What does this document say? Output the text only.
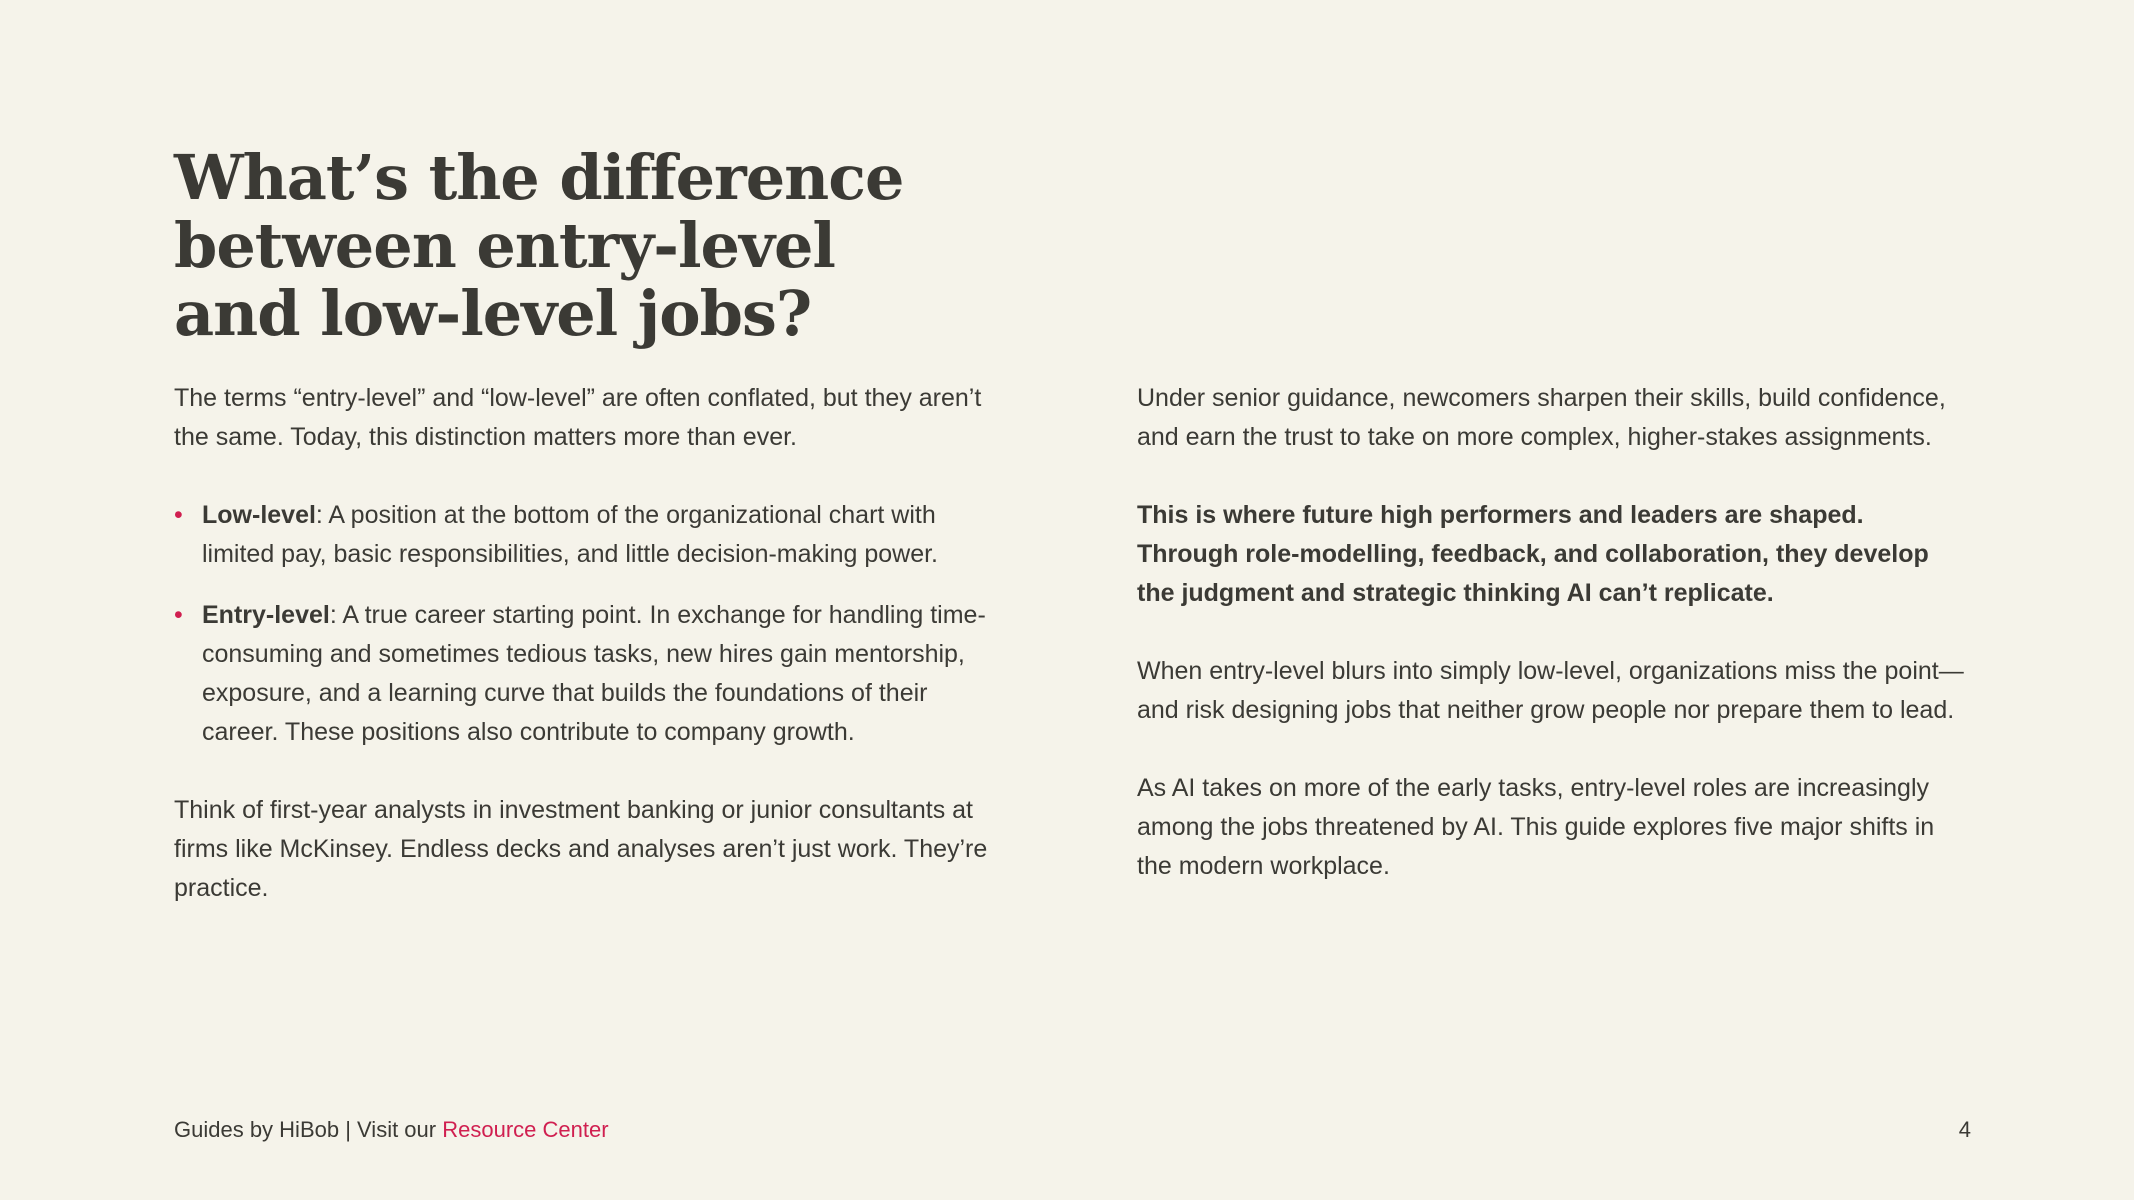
What’s the difference
between entry-level
and low-level jobs?

The terms “entry-level” and “low-level” are often conflated, but they aren’t the same. Today, this distinction matters more than ever.

• Low-level: A position at the bottom of the organizational chart with limited pay, basic responsibilities, and little decision-making power.
• Entry-level: A true career starting point. In exchange for handling time-consuming and sometimes tedious tasks, new hires gain mentorship, exposure, and a learning curve that builds the foundations of their career. These positions also contribute to company growth.

Think of first-year analysts in investment banking or junior consultants at firms like McKinsey. Endless decks and analyses aren’t just work. They’re practice.

Under senior guidance, newcomers sharpen their skills, build confidence, and earn the trust to take on more complex, higher-stakes assignments.

This is where future high performers and leaders are shaped. Through role-modelling, feedback, and collaboration, they develop the judgment and strategic thinking AI can’t replicate.

When entry-level blurs into simply low-level, organizations miss the point—and risk designing jobs that neither grow people nor prepare them to lead.

As AI takes on more of the early tasks, entry-level roles are increasingly among the jobs threatened by AI. This guide explores five major shifts in the modern workplace.

Guides by HiBob | Visit our Resource Center	4
